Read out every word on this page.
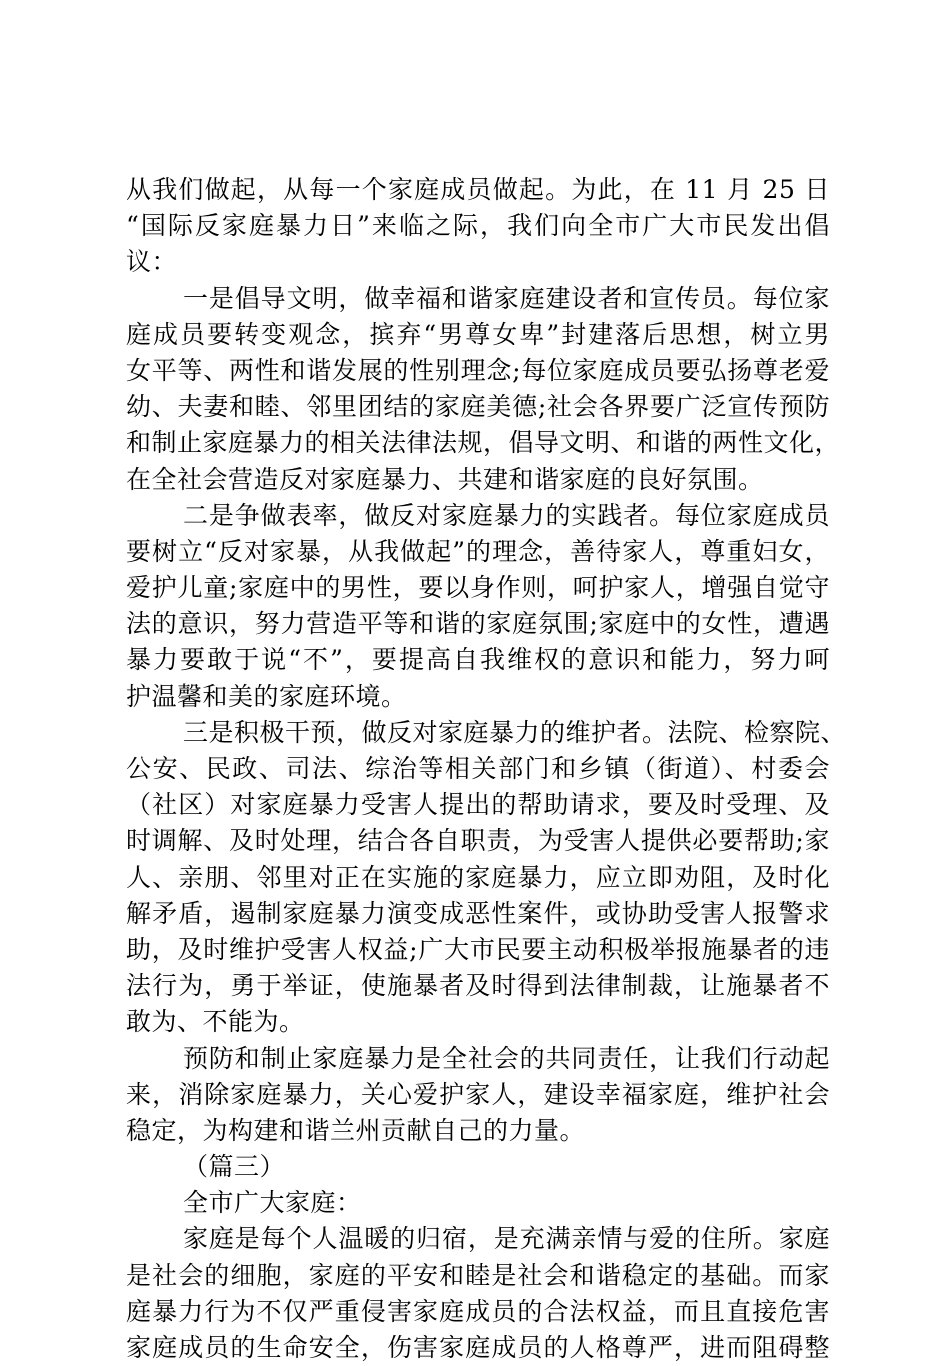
从我们做起，从每一个家庭成员做起。为此，在 11 月 25 日
“国际反家庭暴力日”来临之际，我们向全市广大市民发出倡
议：
一是倡导文明，做幸福和谐家庭建设者和宣传员。每位家
庭成员要转变观念，摈弃“男尊女卑”封建落后思想，树立男
女平等、两性和谐发展的性别理念;每位家庭成员要弘扬尊老爱
幼、夫妻和睦、邻里团结的家庭美德;社会各界要广泛宣传预防
和制止家庭暴力的相关法律法规，倡导文明、和谐的两性文化，
在全社会营造反对家庭暴力、共建和谐家庭的良好氛围。
二是争做表率，做反对家庭暴力的实践者。每位家庭成员
要树立“反对家暴，从我做起”的理念，善待家人，尊重妇女，
爱护儿童;家庭中的男性，要以身作则，呵护家人，增强自觉守
法的意识，努力营造平等和谐的家庭氛围;家庭中的女性，遭遇
暴力要敢于说“不”，要提高自我维权的意识和能力，努力呵
护温馨和美的家庭环境。
三是积极干预，做反对家庭暴力的维护者。法院、检察院、
公安、民政、司法、综治等相关部门和乡镇（街道）、村委会
（社区）对家庭暴力受害人提出的帮助请求，要及时受理、及
时调解、及时处理，结合各自职责，为受害人提供必要帮助;家
人、亲朋、邻里对正在实施的家庭暴力，应立即劝阻，及时化
解矛盾，遏制家庭暴力演变成恶性案件，或协助受害人报警求
助，及时维护受害人权益;广大市民要主动积极举报施暴者的违
法行为，勇于举证，使施暴者及时得到法律制裁，让施暴者不
敢为、不能为。
预防和制止家庭暴力是全社会的共同责任，让我们行动起
来，消除家庭暴力，关心爱护家人，建设幸福家庭，维护社会
稳定，为构建和谐兰州贡献自己的力量。
（篇三）
全市广大家庭：
家庭是每个人温暖的归宿，是充满亲情与爱的住所。家庭
是社会的细胞，家庭的平安和睦是社会和谐稳定的基础。而家
庭暴力行为不仅严重侵害家庭成员的合法权益，而且直接危害
家庭成员的生命安全，伤害家庭成员的人格尊严，进而阻碍整
